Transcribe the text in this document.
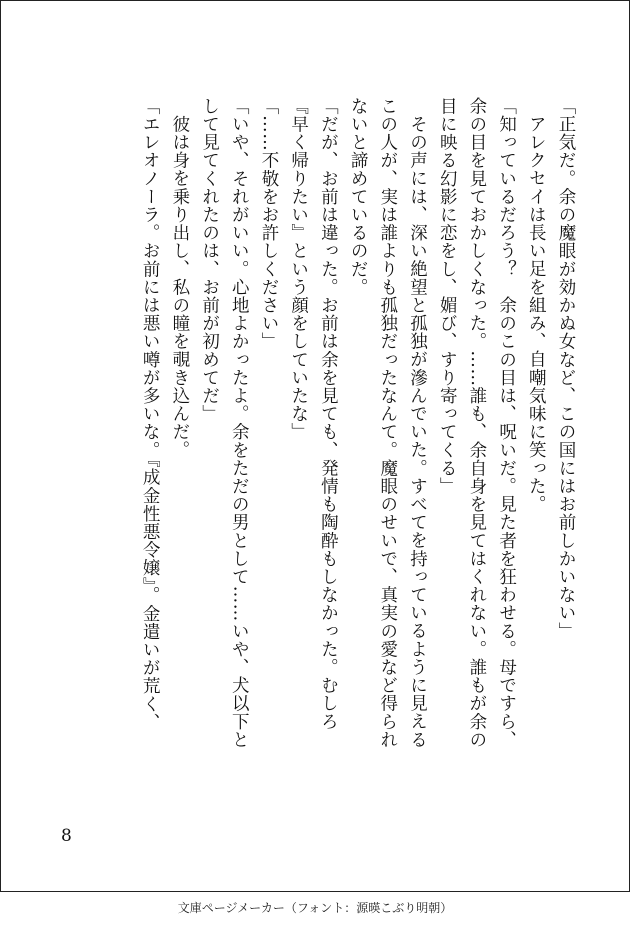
「正気だ。余の魔眼が効かぬ女など、この国にはお前しかいない」

アレクセイは長い足を組み、自嘲気味に笑った。

「知っているだろう？　余のこの目は、呪いだ。見た者を狂わせる。母ですら、

余の目を見ておかしくなった。……誰も、余自身を見てはくれない。誰もが余の

目に映る幻影に恋をし、媚び、すり寄ってくる」

その声には、深い絶望と孤独が滲んでいた。すべてを持っているように見える

この人が、実は誰よりも孤独だったなんて。魔眼のせいで、真実の愛など得られ

ないと諦めているのだ。

「だが、お前は違った。お前は余を見ても、発情も陶酔もしなかった。むしろ

『早く帰りたい』という顔をしていたな」

「……不敬をお許しください」

「いや、それがいい。心地よかったよ。余をただの男として……いや、犬以下と

して見てくれたのは、お前が初めてだ」

彼は身を乗り出し、私の瞳を覗き込んだ。

「エレオノーラ。お前には悪い噂が多いな。『成金性悪令嬢』。金遣いが荒く、

8
文庫ページメーカー（フォント：源暎こぶり明朝）
